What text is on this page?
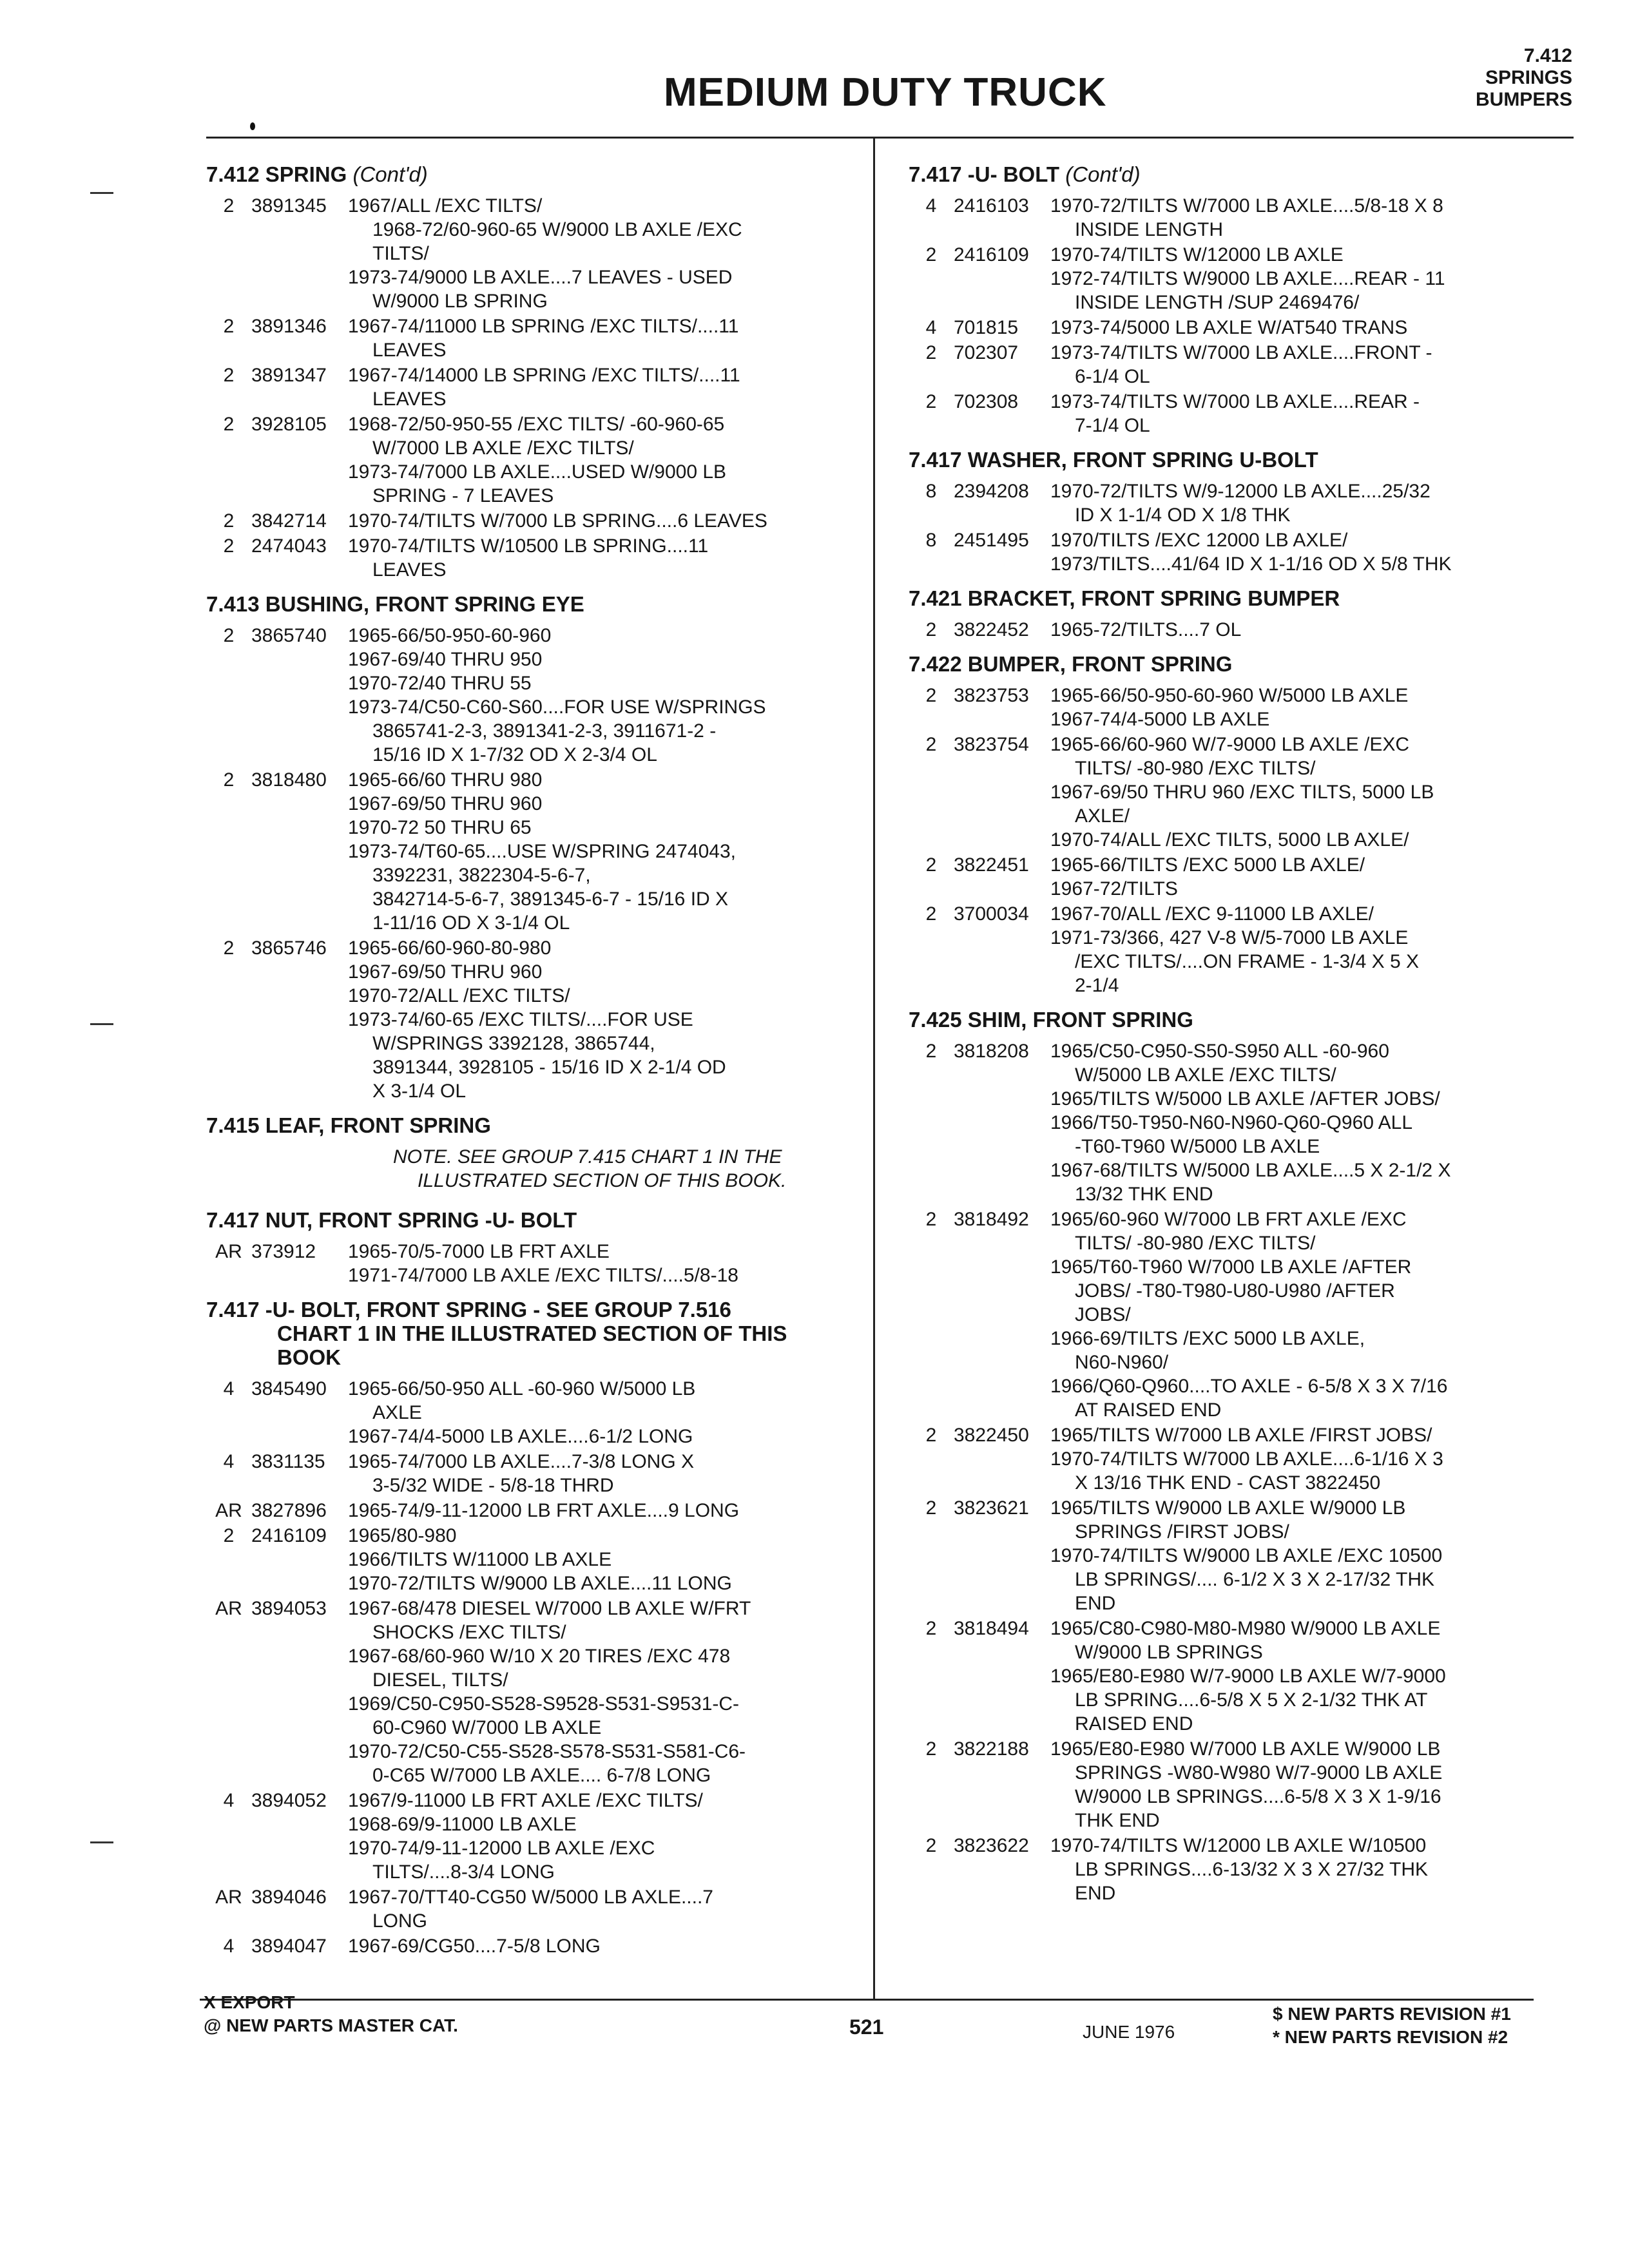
MEDIUM DUTY TRUCK
7.412
SPRINGS
BUMPERS
7.412 SPRING (Cont'd)
2 3891345	1967/ALL /EXC TILTS/
1968-72/60-960-65 W/9000 LB AXLE /EXC
TILTS/
1973-74/9000 LB AXLE....7 LEAVES - USED
W/9000 LB SPRING
2 3891346	1967-74/11000 LB SPRING /EXC TILTS/....11
LEAVES
2 3891347	1967-74/14000 LB SPRING /EXC TILTS/....11
LEAVES
2 3928105	1968-72/50-950-55 /EXC TILTS/ -60-960-65
W/7000 LB AXLE /EXC TILTS/
1973-74/7000 LB AXLE....USED W/9000 LB
SPRING - 7 LEAVES
2 3842714	1970-74/TILTS W/7000 LB SPRING....6 LEAVES
2 2474043	1970-74/TILTS W/10500 LB SPRING....11
LEAVES
7.413 BUSHING, FRONT SPRING EYE
2 3865740	1965-66/50-950-60-960
1967-69/40 THRU 950
1970-72/40 THRU 55
1973-74/C50-C60-S60....FOR USE W/SPRINGS
3865741-2-3, 3891341-2-3, 3911671-2 -
15/16 ID X 1-7/32 OD X 2-3/4 OL
2 3818480	1965-66/60 THRU 980
1967-69/50 THRU 960
1970-72 50 THRU 65
1973-74/T60-65....USE W/SPRING 2474043,
3392231, 3822304-5-6-7,
3842714-5-6-7, 3891345-6-7 - 15/16 ID X
1-11/16 OD X 3-1/4 OL
2 3865746	1965-66/60-960-80-980
1967-69/50 THRU 960
1970-72/ALL /EXC TILTS/
1973-74/60-65 /EXC TILTS/....FOR USE
W/SPRINGS 3392128, 3865744,
3891344, 3928105 - 15/16 ID X 2-1/4 OD
X 3-1/4 OL
7.415 LEAF, FRONT SPRING
NOTE. SEE GROUP 7.415 CHART 1 IN THE
ILLUSTRATED SECTION OF THIS BOOK.
7.417 NUT, FRONT SPRING -U- BOLT
AR 373912	1965-70/5-7000 LB FRT AXLE
1971-74/7000 LB AXLE /EXC TILTS/....5/8-18
7.417 -U- BOLT, FRONT SPRING - SEE GROUP 7.516
CHART 1 IN THE ILLUSTRATED SECTION OF THIS
BOOK
4 3845490	1965-66/50-950 ALL -60-960 W/5000 LB
AXLE
1967-74/4-5000 LB AXLE....6-1/2 LONG
4 3831135	1965-74/7000 LB AXLE....7-3/8 LONG X
3-5/32 WIDE - 5/8-18 THRD
AR 3827896	1965-74/9-11-12000 LB FRT AXLE....9 LONG
2 2416109	1965/80-980
1966/TILTS W/11000 LB AXLE
1970-72/TILTS W/9000 LB AXLE....11 LONG
AR 3894053	1967-68/478 DIESEL W/7000 LB AXLE W/FRT
SHOCKS /EXC TILTS/
1967-68/60-960 W/10 X 20 TIRES /EXC 478
DIESEL, TILTS/
1969/C50-C950-S528-S9528-S531-S9531-C-
60-C960 W/7000 LB AXLE
1970-72/C50-C55-S528-S578-S531-S581-C6-
0-C65 W/7000 LB AXLE.... 6-7/8 LONG
4 3894052	1967/9-11000 LB FRT AXLE /EXC TILTS/
1968-69/9-11000 LB AXLE
1970-74/9-11-12000 LB AXLE /EXC
TILTS/....8-3/4 LONG
AR 3894046	1967-70/TT40-CG50 W/5000 LB AXLE....7
LONG
4 3894047	1967-69/CG50....7-5/8 LONG
7.417 -U- BOLT (Cont'd)
4 2416103	1970-72/TILTS W/7000 LB AXLE....5/8-18 X 8
INSIDE LENGTH
2 2416109	1970-74/TILTS W/12000 LB AXLE
1972-74/TILTS W/9000 LB AXLE....REAR - 11
INSIDE LENGTH /SUP 2469476/
4 701815	1973-74/5000 LB AXLE W/AT540 TRANS
2 702307	1973-74/TILTS W/7000 LB AXLE....FRONT -
6-1/4 OL
2 702308	1973-74/TILTS W/7000 LB AXLE....REAR -
7-1/4 OL
7.417 WASHER, FRONT SPRING U-BOLT
8 2394208	1970-72/TILTS W/9-12000 LB AXLE....25/32
ID X 1-1/4 OD X 1/8 THK
8 2451495	1970/TILTS /EXC 12000 LB AXLE/
1973/TILTS....41/64 ID X 1-1/16 OD X 5/8 THK
7.421 BRACKET, FRONT SPRING BUMPER
2 3822452	1965-72/TILTS....7 OL
7.422 BUMPER, FRONT SPRING
2 3823753	1965-66/50-950-60-960 W/5000 LB AXLE
1967-74/4-5000 LB AXLE
2 3823754	1965-66/60-960 W/7-9000 LB AXLE /EXC
TILTS/ -80-980 /EXC TILTS/
1967-69/50 THRU 960 /EXC TILTS, 5000 LB
AXLE/
1970-74/ALL /EXC TILTS, 5000 LB AXLE/
2 3822451	1965-66/TILTS /EXC 5000 LB AXLE/
1967-72/TILTS
2 3700034	1967-70/ALL /EXC 9-11000 LB AXLE/
1971-73/366, 427 V-8 W/5-7000 LB AXLE
/EXC TILTS/....ON FRAME - 1-3/4 X 5 X
2-1/4
7.425 SHIM, FRONT SPRING
2 3818208	1965/C50-C950-S50-S950 ALL -60-960
W/5000 LB AXLE /EXC TILTS/
1965/TILTS W/5000 LB AXLE /AFTER JOBS/
1966/T50-T950-N60-N960-Q60-Q960 ALL
-T60-T960 W/5000 LB AXLE
1967-68/TILTS W/5000 LB AXLE....5 X 2-1/2 X
13/32 THK END
2 3818492	1965/60-960 W/7000 LB FRT AXLE /EXC
TILTS/ -80-980 /EXC TILTS/
1965/T60-T960 W/7000 LB AXLE /AFTER
JOBS/ -T80-T980-U80-U980 /AFTER
JOBS/
1966-69/TILTS /EXC 5000 LB AXLE,
N60-N960/
1966/Q60-Q960....TO AXLE - 6-5/8 X 3 X 7/16
AT RAISED END
2 3822450	1965/TILTS W/7000 LB AXLE /FIRST JOBS/
1970-74/TILTS W/7000 LB AXLE....6-1/16 X 3
X 13/16 THK END - CAST 3822450
2 3823621	1965/TILTS W/9000 LB AXLE W/9000 LB
SPRINGS /FIRST JOBS/
1970-74/TILTS W/9000 LB AXLE /EXC 10500
LB SPRINGS/.... 6-1/2 X 3 X 2-17/32 THK
END
2 3818494	1965/C80-C980-M80-M980 W/9000 LB AXLE
W/9000 LB SPRINGS
1965/E80-E980 W/7-9000 LB AXLE W/7-9000
LB SPRING....6-5/8 X 5 X 2-1/32 THK AT
RAISED END
2 3822188	1965/E80-E980 W/7000 LB AXLE W/9000 LB
SPRINGS -W80-W980 W/7-9000 LB AXLE
W/9000 LB SPRINGS....6-5/8 X 3 X 1-9/16
THK END
2 3823622	1970-74/TILTS W/12000 LB AXLE W/10500
LB SPRINGS....6-13/32 X 3 X 27/32 THK
END
X EXPORT
@ NEW PARTS MASTER CAT.	521	JUNE 1976
$ NEW PARTS REVISION #1
* NEW PARTS REVISION #2
